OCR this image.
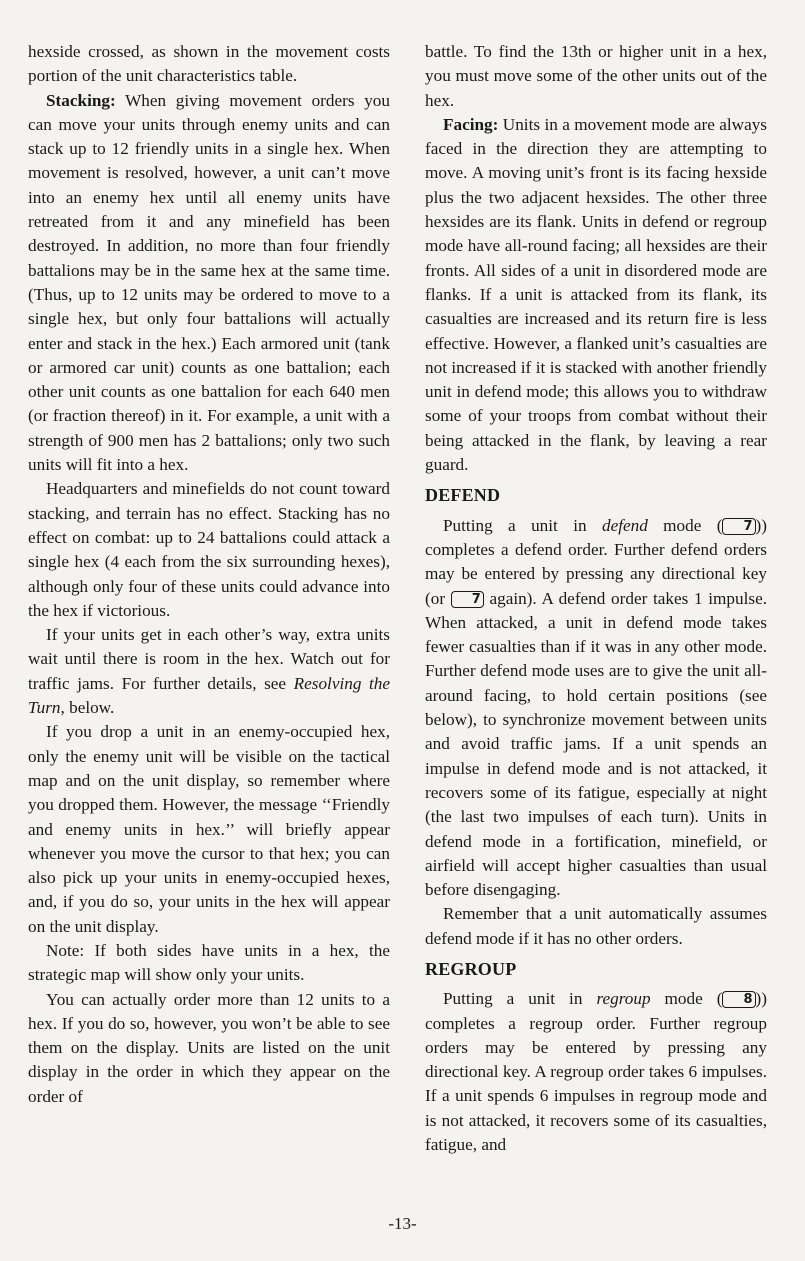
hexside crossed, as shown in the movement costs portion of the unit characteristics table.

Stacking: When giving movement orders you can move your units through enemy units and can stack up to 12 friendly units in a single hex. When movement is resolved, however, a unit can’t move into an enemy hex until all enemy units have retreated from it and any minefield has been destroyed. In addition, no more than four friendly battalions may be in the same hex at the same time. (Thus, up to 12 units may be ordered to move to a single hex, but only four battalions will actually enter and stack in the hex.) Each armored unit (tank or armored car unit) counts as one battalion; each other unit counts as one battalion for each 640 men (or fraction thereof) in it. For example, a unit with a strength of 900 men has 2 battalions; only two such units will fit into a hex.

Headquarters and minefields do not count toward stacking, and terrain has no effect. Stacking has no effect on combat: up to 24 battalions could attack a single hex (4 each from the six surrounding hexes), although only four of these units could advance into the hex if victorious.

If your units get in each other’s way, extra units wait until there is room in the hex. Watch out for traffic jams. For further details, see Resolving the Turn, below.

If you drop a unit in an enemy-occupied hex, only the enemy unit will be visible on the tactical map and on the unit display, so remember where you dropped them. However, the message ‘‘Friendly and enemy units in hex.’’ will briefly appear whenever you move the cursor to that hex; you can also pick up your units in enemy-occupied hexes, and, if you do so, your units in the hex will appear on the unit display.

Note: If both sides have units in a hex, the strategic map will show only your units.

You can actually order more than 12 units to a hex. If you do so, however, you won’t be able to see them on the display. Units are listed on the unit display in the order in which they appear on the order of

battle. To find the 13th or higher unit in a hex, you must move some of the other units out of the hex.

Facing: Units in a movement mode are always faced in the direction they are attempting to move. A moving unit’s front is its facing hexside plus the two adjacent hexsides. The other three hexsides are its flank. Units in defend or regroup mode have all-round facing; all hexsides are their fronts. All sides of a unit in disordered mode are flanks. If a unit is attacked from its flank, its casualties are increased and its return fire is less effective. However, a flanked unit’s casualties are not increased if it is stacked with another friendly unit in defend mode; this allows you to withdraw some of your troops from combat without their being attacked in the flank, by leaving a rear guard.

DEFEND

Putting a unit in defend mode ( 7 )) completes a defend order. Further defend orders may be entered by pressing any directional key (or 7 again). A defend order takes 1 impulse. When attacked, a unit in defend mode takes fewer casualties than if it was in any other mode. Further defend mode uses are to give the unit all-around facing, to hold certain positions (see below), to synchronize movement between units and avoid traffic jams. If a unit spends an impulse in defend mode and is not attacked, it recovers some of its fatigue, especially at night (the last two impulses of each turn). Units in defend mode in a fortification, minefield, or airfield will accept higher casualties than usual before disengaging.

Remember that a unit automatically assumes defend mode if it has no other orders.

REGROUP

Putting a unit in regroup mode ( 8 )) completes a regroup order. Further regroup orders may be entered by pressing any directional key. A regroup order takes 6 impulses. If a unit spends 6 impulses in regroup mode and is not attacked, it recovers some of its casualties, fatigue, and

-13-
